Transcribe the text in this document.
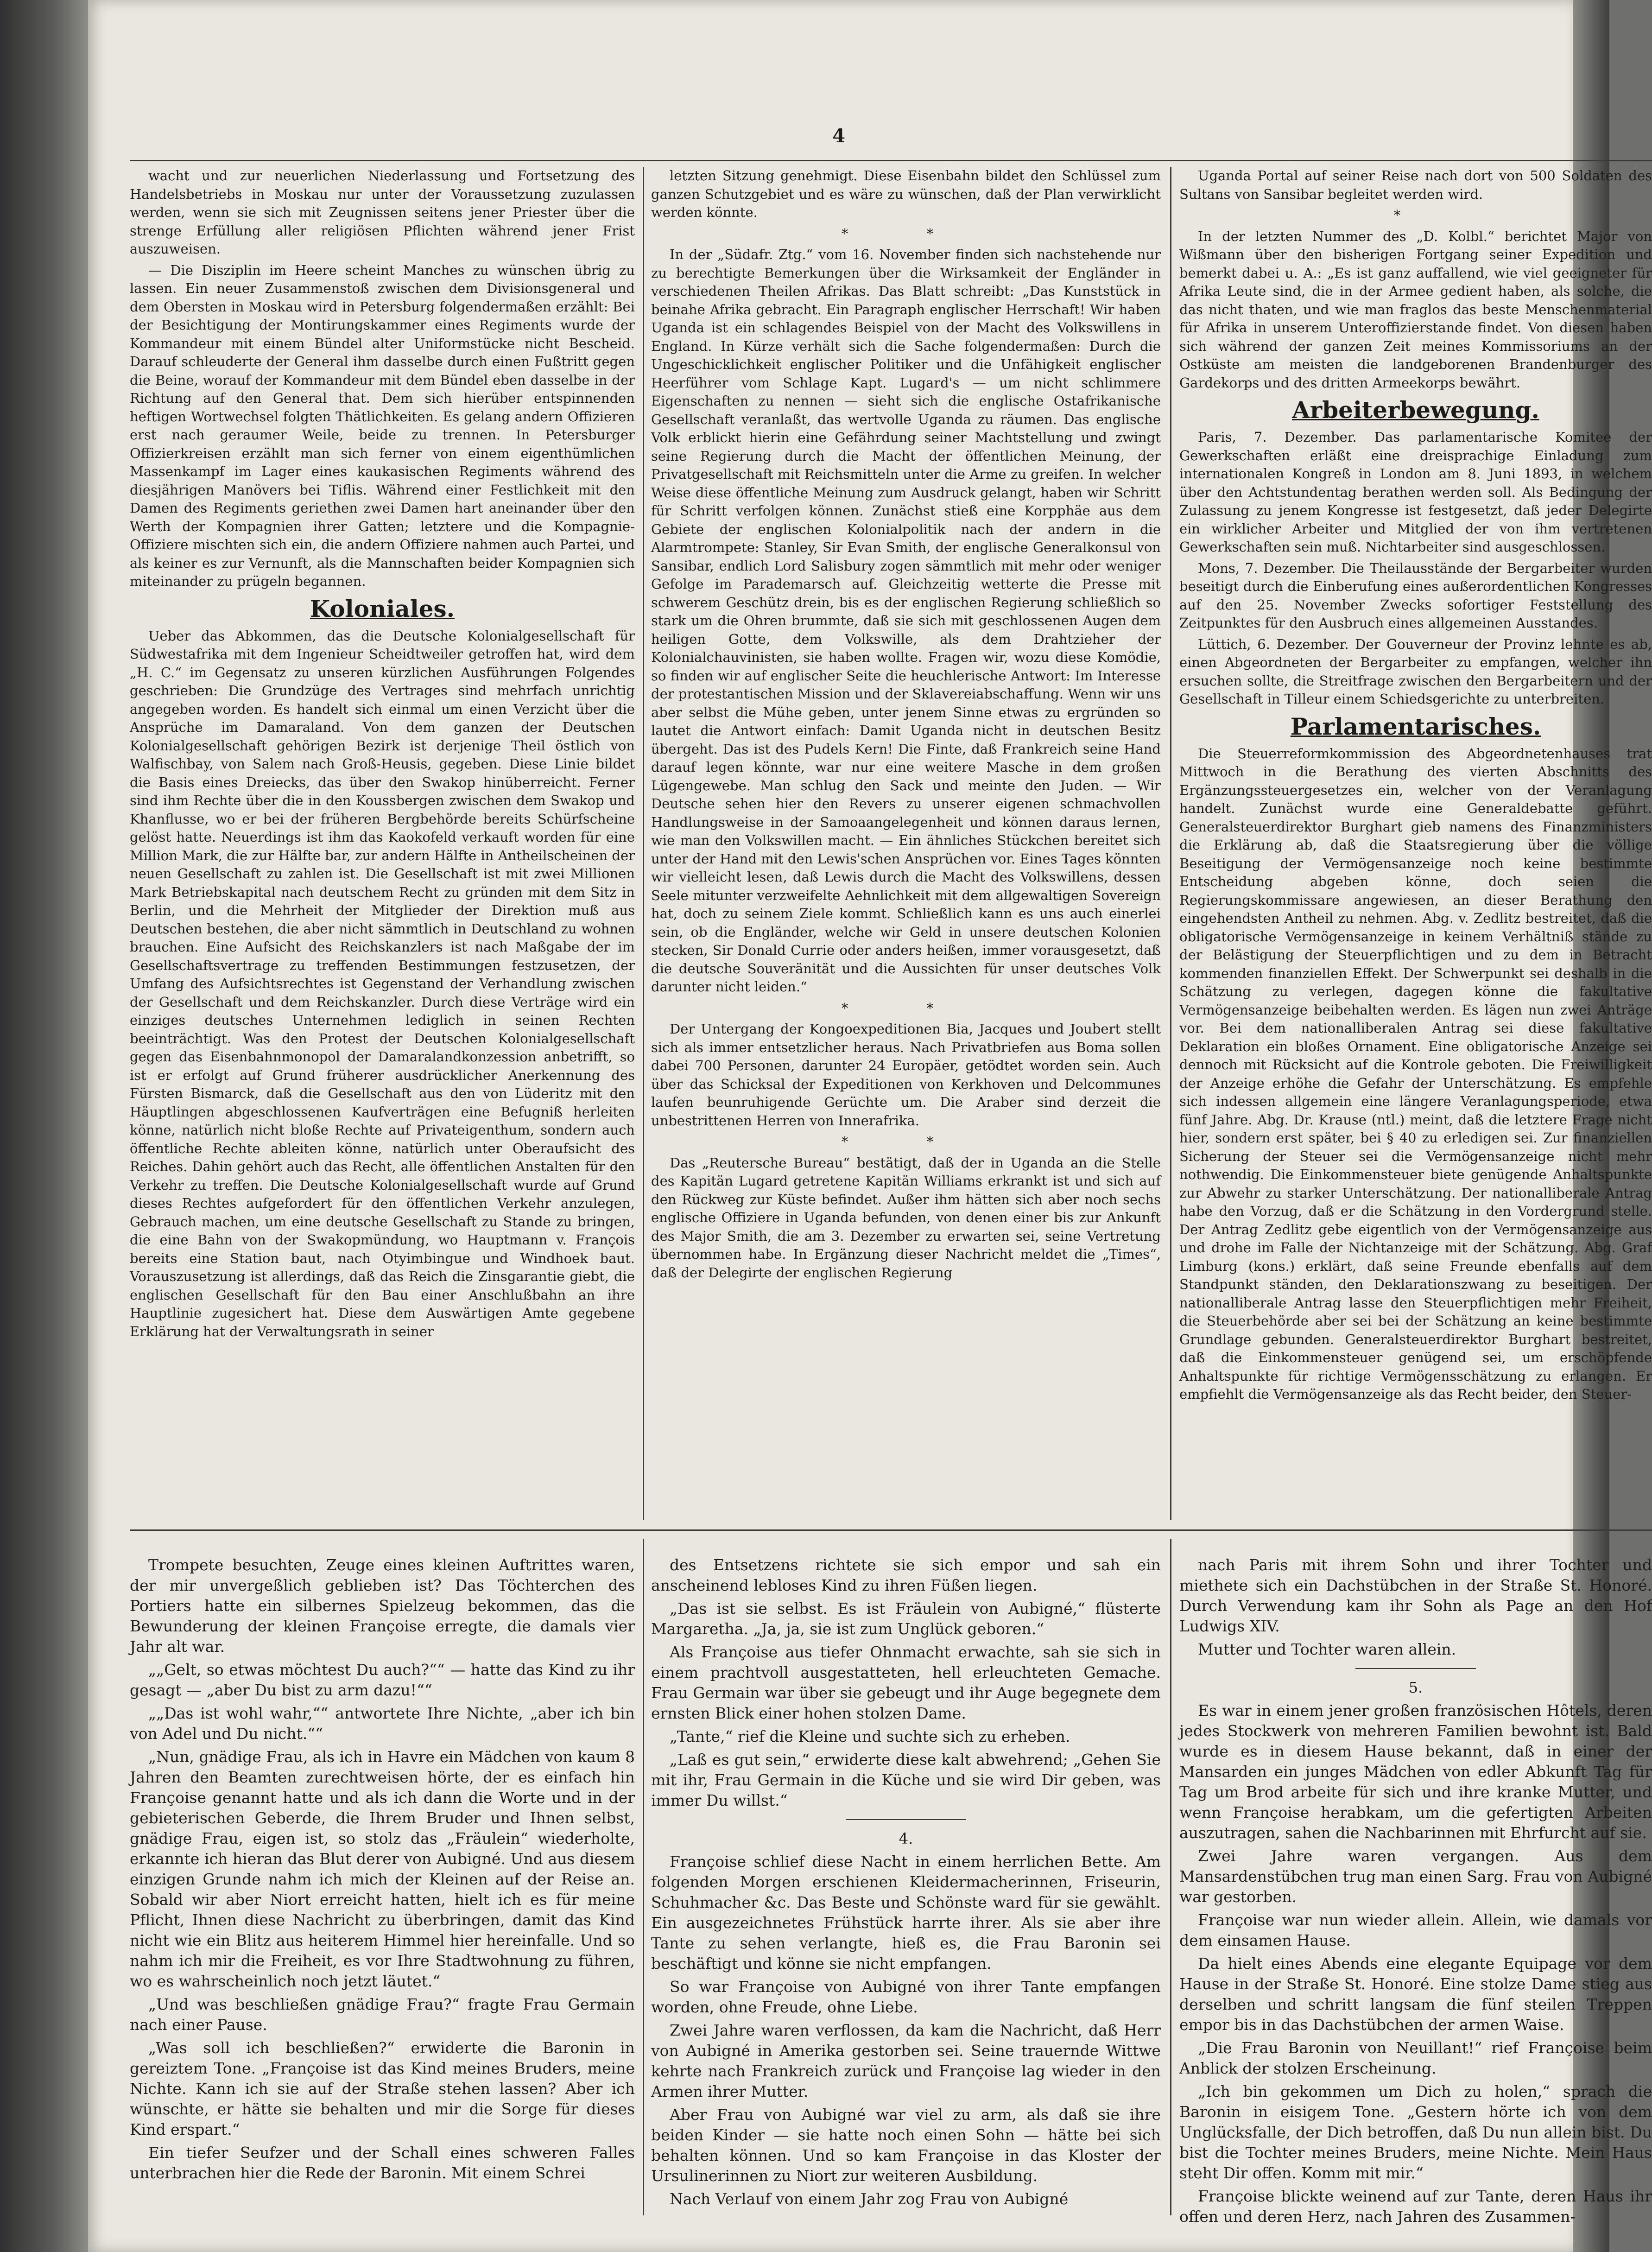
4

wacht und zur neuerlichen Niederlassung und Fortsetzung des Handelsbetriebs in Moskau nur unter der Voraussetzung zuzulassen werden, wenn sie sich mit Zeugnissen seitens jener Priester über die strenge Erfüllung aller religiösen Pflichten während jener Frist auszuweisen.

— Die Disziplin im Heere scheint Manches zu wünschen übrig zu lassen. Ein neuer Zusammenstoß zwischen dem Divisionsgeneral und dem Obersten in Moskau wird in Petersburg folgendermaßen erzählt: Bei der Besichtigung der Montirungskammer eines Regiments wurde der Kommandeur mit einem Bündel alter Uniformstücke nicht Bescheid. Darauf schleuderte der General ihm dasselbe durch einen Fußtritt gegen die Beine, worauf der Kommandeur mit dem Bündel eben dasselbe in der Richtung auf den General that. Dem sich hierüber entspinnenden heftigen Wortwechsel folgten Thätlichkeiten. Es gelang andern Offizieren erst nach geraumer Weile, beide zu trennen. In Petersburger Offizierkreisen erzählt man sich ferner von einem eigenthümlichen Massenkampf im Lager eines kaukasischen Regiments während des diesjährigen Manövers bei Tiflis. Während einer Festlichkeit mit den Damen des Regiments geriethen zwei Damen hart aneinander über den Werth der Kompagnien ihrer Gatten; letztere und die Kompagnie-Offiziere mischten sich ein, die andern Offiziere nahmen auch Partei, und als keiner es zur Vernunft, als die Mannschaften beider Kompagnien sich miteinander zu prügeln begannen.

Koloniales.

Ueber das Abkommen, das die Deutsche Kolonialgesellschaft für Südwestafrika mit dem Ingenieur Scheidtweiler getroffen hat, wird dem „H. C.“ im Gegensatz zu unseren kürzlichen Ausführungen Folgendes geschrieben: Die Grundzüge des Vertrages sind mehrfach unrichtig angegeben worden. Es handelt sich einmal um einen Verzicht über die Ansprüche im Damaraland. Von dem ganzen der Deutschen Kolonialgesellschaft gehörigen Bezirk ist derjenige Theil östlich von Walfischbay, von Salem nach Groß-Heusis, gegeben. Diese Linie bildet die Basis eines Dreiecks, das über den Swakop hinüberreicht. Ferner sind ihm Rechte über die in den Koussbergen zwischen dem Swakop und Khanflusse, wo er bei der früheren Bergbehörde bereits Schürfscheine gelöst hatte. Neuerdings ist ihm das Kaokofeld verkauft worden für eine Million Mark, die zur Hälfte bar, zur andern Hälfte in Antheilscheinen der neuen Gesellschaft zu zahlen ist. Die Gesellschaft ist mit zwei Millionen Mark Betriebskapital nach deutschem Recht zu gründen mit dem Sitz in Berlin, und die Mehrheit der Mitglieder der Direktion muß aus Deutschen bestehen, die aber nicht sämmtlich in Deutschland zu wohnen brauchen. Eine Aufsicht des Reichskanzlers ist nach Maßgabe der im Gesellschaftsvertrage zu treffenden Bestimmungen festzusetzen, der Umfang des Aufsichtsrechtes ist Gegenstand der Verhandlung zwischen der Gesellschaft und dem Reichskanzler. Durch diese Verträge wird ein einziges deutsches Unternehmen lediglich in seinen Rechten beeinträchtigt. Was den Protest der Deutschen Kolonialgesellschaft gegen das Eisenbahnmonopol der Damaralandkonzession anbetrifft, so ist er erfolgt auf Grund früherer ausdrücklicher Anerkennung des Fürsten Bismarck, daß die Gesellschaft aus den von Lüderitz mit den Häuptlingen abgeschlossenen Kaufverträgen eine Befugniß herleiten könne, natürlich nicht bloße Rechte auf Privateigenthum, sondern auch öffentliche Rechte ableiten könne, natürlich unter Oberaufsicht des Reiches. Dahin gehört auch das Recht, alle öffentlichen Anstalten für den Verkehr zu treffen. Die Deutsche Kolonialgesellschaft wurde auf Grund dieses Rechtes aufgefordert für den öffentlichen Verkehr anzulegen, Gebrauch machen, um eine deutsche Gesellschaft zu Stande zu bringen, die eine Bahn von der Swakopmündung, wo Hauptmann v. François bereits eine Station baut, nach Otyimbingue und Windhoek baut. Vorauszusetzung ist allerdings, daß das Reich die Zinsgarantie giebt, die englischen Gesellschaft für den Bau einer Anschlußbahn an ihre Hauptlinie zugesichert hat. Diese dem Auswärtigen Amte gegebene Erklärung hat der Verwaltungsrath in seiner

letzten Sitzung genehmigt. Diese Eisenbahn bildet den Schlüssel zum ganzen Schutzgebiet und es wäre zu wünschen, daß der Plan verwirklicht werden könnte.

* *

In der „Südafr. Ztg.“ vom 16. November finden sich nachstehende nur zu berechtigte Bemerkungen über die Wirksamkeit der Engländer in verschiedenen Theilen Afrikas. Das Blatt schreibt: „Das Kunststück in beinahe Afrika gebracht. Ein Paragraph englischer Herrschaft! Wir haben Uganda ist ein schlagendes Beispiel von der Macht des Volkswillens in England. In Kürze verhält sich die Sache folgendermaßen: Durch die Ungeschicklichkeit englischer Politiker und die Unfähigkeit englischer Heerführer vom Schlage Kapt. Lugard's — um nicht schlimmere Eigenschaften zu nennen — sieht sich die englische Ostafrikanische Gesellschaft veranlaßt, das wertvolle Uganda zu räumen. Das englische Volk erblickt hierin eine Gefährdung seiner Machtstellung und zwingt seine Regierung durch die Macht der öffentlichen Meinung, der Privatgesellschaft mit Reichsmitteln unter die Arme zu greifen. In welcher Weise diese öffentliche Meinung zum Ausdruck gelangt, haben wir Schritt für Schritt verfolgen können. Zunächst stieß eine Korpphäe aus dem Gebiete der englischen Kolonialpolitik nach der andern in die Alarmtrompete: Stanley, Sir Evan Smith, der englische Generalkonsul von Sansibar, endlich Lord Salisbury zogen sämmtlich mit mehr oder weniger Gefolge im Parademarsch auf. Gleichzeitig wetterte die Presse mit schwerem Geschütz drein, bis es der englischen Regierung schließlich so stark um die Ohren brummte, daß sie sich mit geschlossenen Augen dem heiligen Gotte, dem Volkswille, als dem Drahtzieher der Kolonialchauvinisten, sie haben wollte. Fragen wir, wozu diese Komödie, so finden wir auf englischer Seite die heuchlerische Antwort: Im Interesse der protestantischen Mission und der Sklavereiabschaffung. Wenn wir uns aber selbst die Mühe geben, unter jenem Sinne etwas zu ergründen so lautet die Antwort einfach: Damit Uganda nicht in deutschen Besitz übergeht. Das ist des Pudels Kern! Die Finte, daß Frankreich seine Hand darauf legen könnte, war nur eine weitere Masche in dem großen Lügengewebe. Man schlug den Sack und meinte den Juden. — Wir Deutsche sehen hier den Revers zu unserer eigenen schmachvollen Handlungsweise in der Samoaangelegenheit und können daraus lernen, wie man den Volkswillen macht. — Ein ähnliches Stückchen bereitet sich unter der Hand mit den Lewis'schen Ansprüchen vor. Eines Tages könnten wir vielleicht lesen, daß Lewis durch die Macht des Volkswillens, dessen Seele mitunter verzweifelte Aehnlichkeit mit dem allgewaltigen Sovereign hat, doch zu seinem Ziele kommt. Schließlich kann es uns auch einerlei sein, ob die Engländer, welche wir Geld in unsere deutschen Kolonien stecken, Sir Donald Currie oder anders heißen, immer vorausgesetzt, daß die deutsche Souveränität und die Aussichten für unser deutsches Volk darunter nicht leiden.“

* *

Der Untergang der Kongoexpeditionen Bia, Jacques und Joubert stellt sich als immer entsetzlicher heraus. Nach Privatbriefen aus Boma sollen dabei 700 Personen, darunter 24 Europäer, getödtet worden sein. Auch über das Schicksal der Expeditionen von Kerkhoven und Delcommunes laufen beunruhigende Gerüchte um. Die Araber sind derzeit die unbestrittenen Herren von Innerafrika.

* *

Das „Reutersche Bureau“ bestätigt, daß der in Uganda an die Stelle des Kapitän Lugard getretene Kapitän Williams erkrankt ist und sich auf den Rückweg zur Küste befindet. Außer ihm hätten sich aber noch sechs englische Offiziere in Uganda befunden, von denen einer bis zur Ankunft des Major Smith, die am 3. Dezember zu erwarten sei, seine Vertretung übernommen habe. In Ergänzung dieser Nachricht meldet die „Times“, daß der Delegirte der englischen Regierung

Uganda Portal auf seiner Reise nach dort von 500 Soldaten des Sultans von Sansibar begleitet werden wird.

*

In der letzten Nummer des „D. Kolbl.“ berichtet Major von Wißmann über den bisherigen Fortgang seiner Expedition und bemerkt dabei u. A.: „Es ist ganz auffallend, wie viel geeigneter für Afrika Leute sind, die in der Armee gedient haben, als solche, die das nicht thaten, und wie man fraglos das beste Menschenmaterial für Afrika in unserem Unteroffizierstande findet. Von diesen haben sich während der ganzen Zeit meines Kommissoriums an der Ostküste am meisten die landgeborenen Brandenburger des Gardekorps und des dritten Armeekorps bewährt.

Arbeiterbewegung.

Paris, 7. Dezember. Das parlamentarische Komitee der Gewerkschaften erläßt eine dreisprachige Einladung zum internationalen Kongreß in London am 8. Juni 1893, in welchem über den Achtstundentag berathen werden soll. Als Bedingung der Zulassung zu jenem Kongresse ist festgesetzt, daß jeder Delegirte ein wirklicher Arbeiter und Mitglied der von ihm vertretenen Gewerkschaften sein muß. Nichtarbeiter sind ausgeschlossen.

Mons, 7. Dezember. Die Theilausstände der Bergarbeiter wurden beseitigt durch die Einberufung eines außerordentlichen Kongresses auf den 25. November Zwecks sofortiger Feststellung des Zeitpunktes für den Ausbruch eines allgemeinen Ausstandes.

Lüttich, 6. Dezember. Der Gouverneur der Provinz lehnte es ab, einen Abgeordneten der Bergarbeiter zu empfangen, welcher ihn ersuchen sollte, die Streitfrage zwischen den Bergarbeitern und der Gesellschaft in Tilleur einem Schiedsgerichte zu unterbreiten.

Parlamentarisches.

Die Steuerreformkommission des Abgeordnetenhauses trat Mittwoch in die Berathung des vierten Abschnitts des Ergänzungssteuergesetzes ein, welcher von der Veranlagung handelt. Zunächst wurde eine Generaldebatte geführt. Generalsteuerdirektor Burghart gieb namens des Finanzministers die Erklärung ab, daß die Staatsregierung über die völlige Beseitigung der Vermögensanzeige noch keine bestimmte Entscheidung abgeben könne, doch seien die Regierungskommissare angewiesen, an dieser Berathung den eingehendsten Antheil zu nehmen. Abg. v. Zedlitz bestreitet, daß die obligatorische Vermögensanzeige in keinem Verhältniß stände zu der Belästigung der Steuerpflichtigen und zu dem in Betracht kommenden finanziellen Effekt. Der Schwerpunkt sei deshalb in die Schätzung zu verlegen, dagegen könne die fakultative Vermögensanzeige beibehalten werden. Es lägen nun zwei Anträge vor. Bei dem nationalliberalen Antrag sei diese fakultative Deklaration ein bloßes Ornament. Eine obligatorische Anzeige sei dennoch mit Rücksicht auf die Kontrole geboten. Die Freiwilligkeit der Anzeige erhöhe die Gefahr der Unterschätzung. Es empfehle sich indessen allgemein eine längere Veranlagungsperiode, etwa fünf Jahre. Abg. Dr. Krause (ntl.) meint, daß die letztere Frage nicht hier, sondern erst später, bei § 40 zu erledigen sei. Zur finanziellen Sicherung der Steuer sei die Vermögensanzeige nicht mehr nothwendig. Die Einkommensteuer biete genügende Anhaltspunkte zur Abwehr zu starker Unterschätzung. Der nationalliberale Antrag habe den Vorzug, daß er die Schätzung in den Vordergrund stelle. Der Antrag Zedlitz gebe eigentlich von der Vermögensanzeige aus und drohe im Falle der Nichtanzeige mit der Schätzung. Abg. Graf Limburg (kons.) erklärt, daß seine Freunde ebenfalls auf dem Standpunkt ständen, den Deklarationszwang zu beseitigen. Der nationalliberale Antrag lasse den Steuerpflichtigen mehr Freiheit, die Steuerbehörde aber sei bei der Schätzung an keine bestimmte Grundlage gebunden. Generalsteuerdirektor Burghart bestreitet, daß die Einkommensteuer genügend sei, um erschöpfende Anhaltspunkte für richtige Vermögensschätzung zu erlangen. Er empfiehlt die Vermögensanzeige als das Recht beider, den Steuer-

Trompete besuchten, Zeuge eines kleinen Auftrittes waren, der mir unvergeßlich geblieben ist? Das Töchterchen des Portiers hatte ein silbernes Spielzeug bekommen, das die Bewunderung der kleinen Françoise erregte, die damals vier Jahr alt war.

„„Gelt, so etwas möchtest Du auch?““ — hatte das Kind zu ihr gesagt — „aber Du bist zu arm dazu!““

„„Das ist wohl wahr,““ antwortete Ihre Nichte, „aber ich bin von Adel und Du nicht.““

„Nun, gnädige Frau, als ich in Havre ein Mädchen von kaum 8 Jahren den Beamten zurechtweisen hörte, der es einfach hin Françoise genannt hatte und als ich dann die Worte und in der gebieterischen Geberde, die Ihrem Bruder und Ihnen selbst, gnädige Frau, eigen ist, so stolz das „Fräulein“ wiederholte, erkannte ich hieran das Blut derer von Aubigné. Und aus diesem einzigen Grunde nahm ich mich der Kleinen auf der Reise an. Sobald wir aber Niort erreicht hatten, hielt ich es für meine Pflicht, Ihnen diese Nachricht zu überbringen, damit das Kind nicht wie ein Blitz aus heiterem Himmel hier hereinfalle. Und so nahm ich mir die Freiheit, es vor Ihre Stadtwohnung zu führen, wo es wahrscheinlich noch jetzt läutet.“

„Und was beschließen gnädige Frau?“ fragte Frau Germain nach einer Pause.

„Was soll ich beschließen?“ erwiderte die Baronin in gereiztem Tone. „Françoise ist das Kind meines Bruders, meine Nichte. Kann ich sie auf der Straße stehen lassen? Aber ich wünschte, er hätte sie behalten und mir die Sorge für dieses Kind erspart.“

Ein tiefer Seufzer und der Schall eines schweren Falles unterbrachen hier die Rede der Baronin. Mit einem Schrei

des Entsetzens richtete sie sich empor und sah ein anscheinend lebloses Kind zu ihren Füßen liegen.

„Das ist sie selbst. Es ist Fräulein von Aubigné,“ flüsterte Margaretha. „Ja, ja, sie ist zum Unglück geboren.“

Als Françoise aus tiefer Ohnmacht erwachte, sah sie sich in einem prachtvoll ausgestatteten, hell erleuchteten Gemache. Frau Germain war über sie gebeugt und ihr Auge begegnete dem ernsten Blick einer hohen stolzen Dame.

„Tante,“ rief die Kleine und suchte sich zu erheben.

„Laß es gut sein,“ erwiderte diese kalt abwehrend; „Gehen Sie mit ihr, Frau Germain in die Küche und sie wird Dir geben, was immer Du willst.“

4.

Françoise schlief diese Nacht in einem herrlichen Bette. Am folgenden Morgen erschienen Kleidermacherinnen, Friseurin, Schuhmacher &c. Das Beste und Schönste ward für sie gewählt. Ein ausgezeichnetes Frühstück harrte ihrer. Als sie aber ihre Tante zu sehen verlangte, hieß es, die Frau Baronin sei beschäftigt und könne sie nicht empfangen.

So war Françoise von Aubigné von ihrer Tante empfangen worden, ohne Freude, ohne Liebe.

Zwei Jahre waren verflossen, da kam die Nachricht, daß Herr von Aubigné in Amerika gestorben sei. Seine trauernde Wittwe kehrte nach Frankreich zurück und Françoise lag wieder in den Armen ihrer Mutter.

Aber Frau von Aubigné war viel zu arm, als daß sie ihre beiden Kinder — sie hatte noch einen Sohn — hätte bei sich behalten können. Und so kam Françoise in das Kloster der Ursulinerinnen zu Niort zur weiteren Ausbildung.

Nach Verlauf von einem Jahr zog Frau von Aubigné

nach Paris mit ihrem Sohn und ihrer Tochter und miethete sich ein Dachstübchen in der Straße St. Honoré. Durch Verwendung kam ihr Sohn als Page an den Hof Ludwigs XIV.

Mutter und Tochter waren allein.

5.

Es war in einem jener großen französischen Hôtels, deren jedes Stockwerk von mehreren Familien bewohnt ist. Bald wurde es in diesem Hause bekannt, daß in einer der Mansarden ein junges Mädchen von edler Abkunft Tag für Tag um Brod arbeite für sich und ihre kranke Mutter, und wenn Françoise herabkam, um die gefertigten Arbeiten auszutragen, sahen die Nachbarinnen mit Ehrfurcht auf sie.

Zwei Jahre waren vergangen. Aus dem Mansardenstübchen trug man einen Sarg. Frau von Aubigné war gestorben.

Françoise war nun wieder allein. Allein, wie damals vor dem einsamen Hause.

Da hielt eines Abends eine elegante Equipage vor dem Hause in der Straße St. Honoré. Eine stolze Dame stieg aus derselben und schritt langsam die fünf steilen Treppen empor bis in das Dachstübchen der armen Waise.

„Die Frau Baronin von Neuillant!“ rief Françoise beim Anblick der stolzen Erscheinung.

„Ich bin gekommen um Dich zu holen,“ sprach die Baronin in eisigem Tone. „Gestern hörte ich von dem Unglücksfalle, der Dich betroffen, daß Du nun allein bist. Du bist die Tochter meines Bruders, meine Nichte. Mein Haus steht Dir offen. Komm mit mir.“

Françoise blickte weinend auf zur Tante, deren Haus ihr offen und deren Herz, nach Jahren des Zusammen-
